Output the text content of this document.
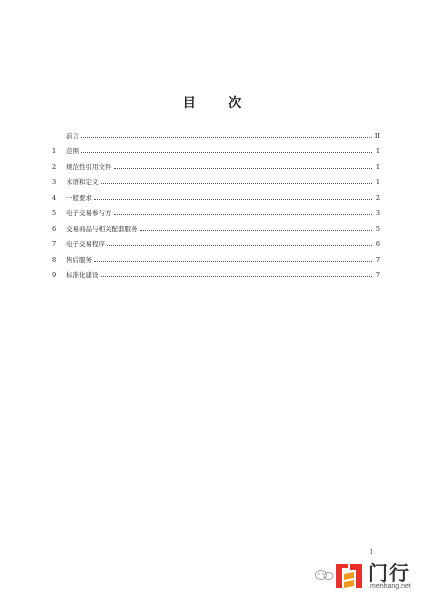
目 次
前言	II
1	范围	1
2	规范性引用文件	1
3	术语和定义	1
4	一般要求	2
5	电子交易参与方	3
6	交易商品与相关配套服务	5
7	电子交易程序	6
8	售后服务	7
9	标准化建设	7
I
门行
menhang.net
